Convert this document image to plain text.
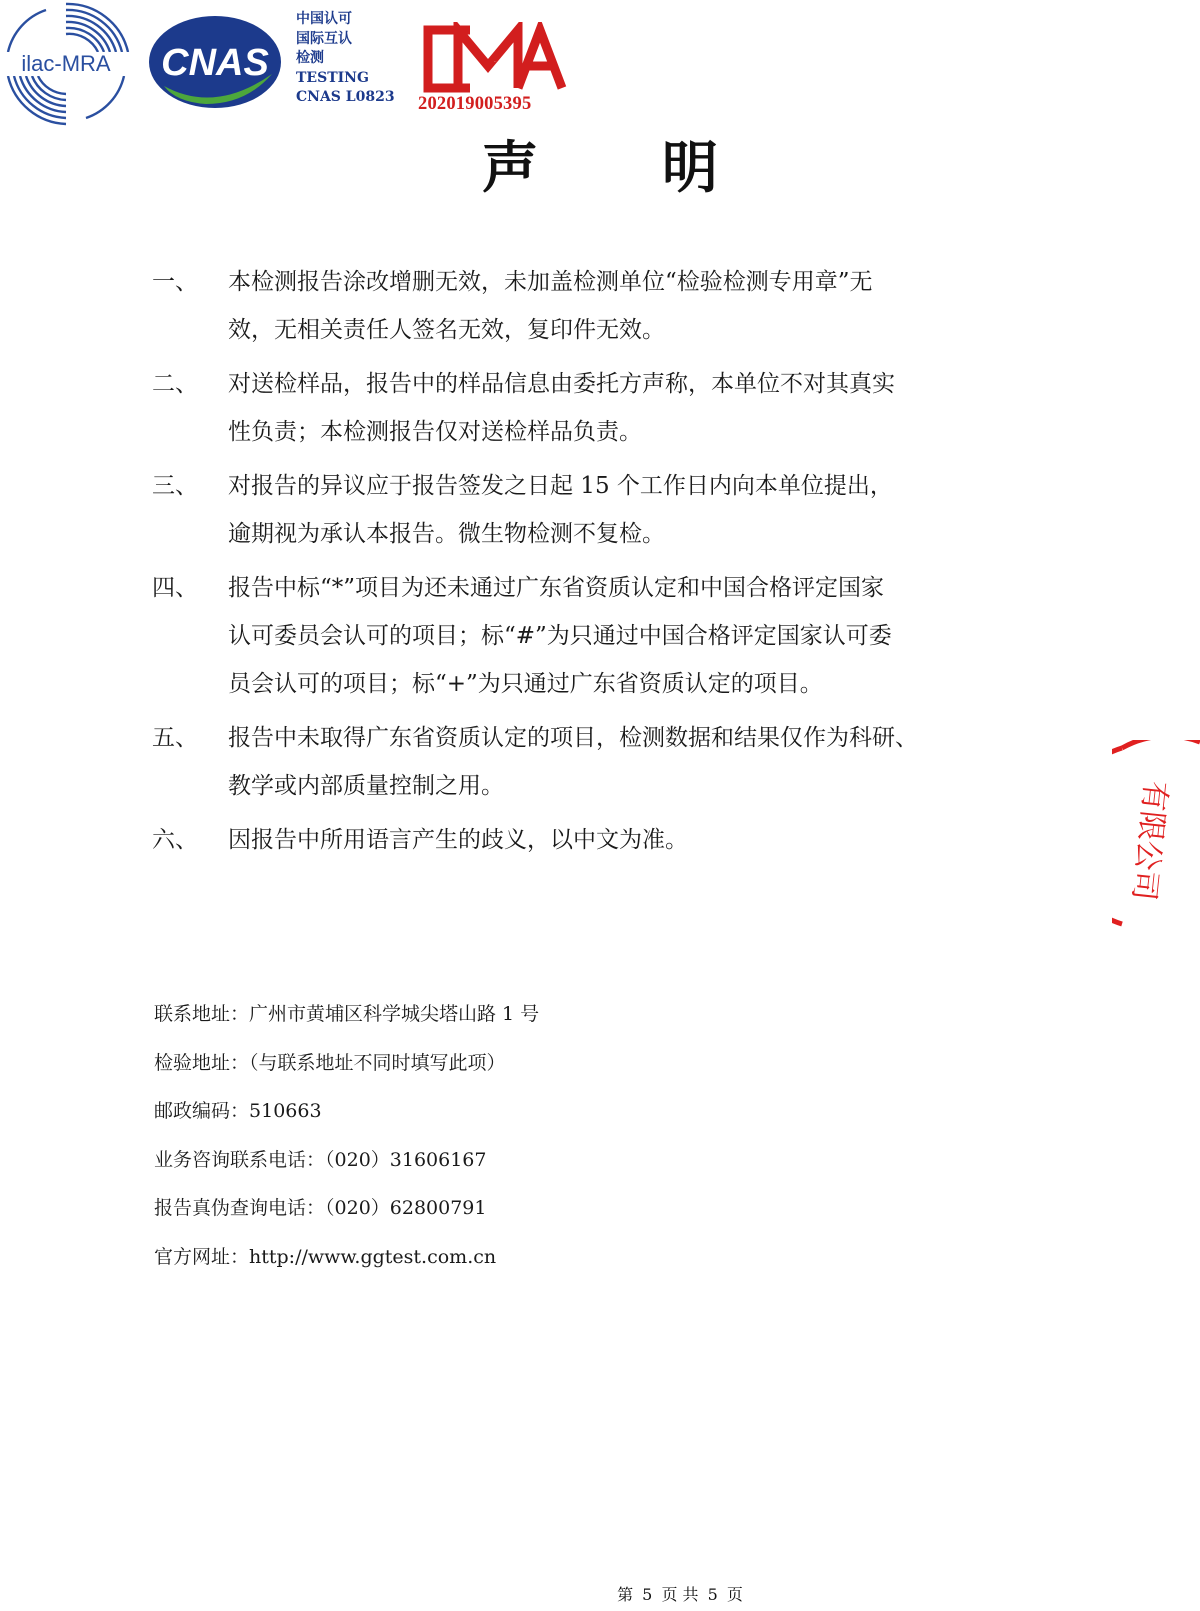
ilac-MRA CNAS
中国认可
国际互认
检测
TESTING
CNAS L0823
CMA
202019005395
声明
一、	本检测报告涂改增删无效，未加盖检测单位“检验检测专用章”无
效，无相关责任人签名无效，复印件无效。
二、	对送检样品，报告中的样品信息由委托方声称，本单位不对其真实
性负责；本检测报告仅对送检样品负责。
三、	对报告的异议应于报告签发之日起 15 个工作日内向本单位提出，
逾期视为承认本报告。微生物检测不复检。
四、	报告中标“*”项目为还未通过广东省资质认定和中国合格评定国家
认可委员会认可的项目；标“#”为只通过中国合格评定国家认可委
员会认可的项目；标“+”为只通过广东省资质认定的项目。
五、	报告中未取得广东省资质认定的项目，检测数据和结果仅作为科研、
教学或内部质量控制之用。
六、	因报告中所用语言产生的歧义，以中文为准。	有限公司
联系地址：广州市黄埔区科学城尖塔山路 1 号
检验地址：（与联系地址不同时填写此项）
邮政编码：510663
业务咨询联系电话：（020）31606167
报告真伪查询电话：（020）62800791
官方网址：http://www.ggtest.com.cn
第 5 页 共 5 页
